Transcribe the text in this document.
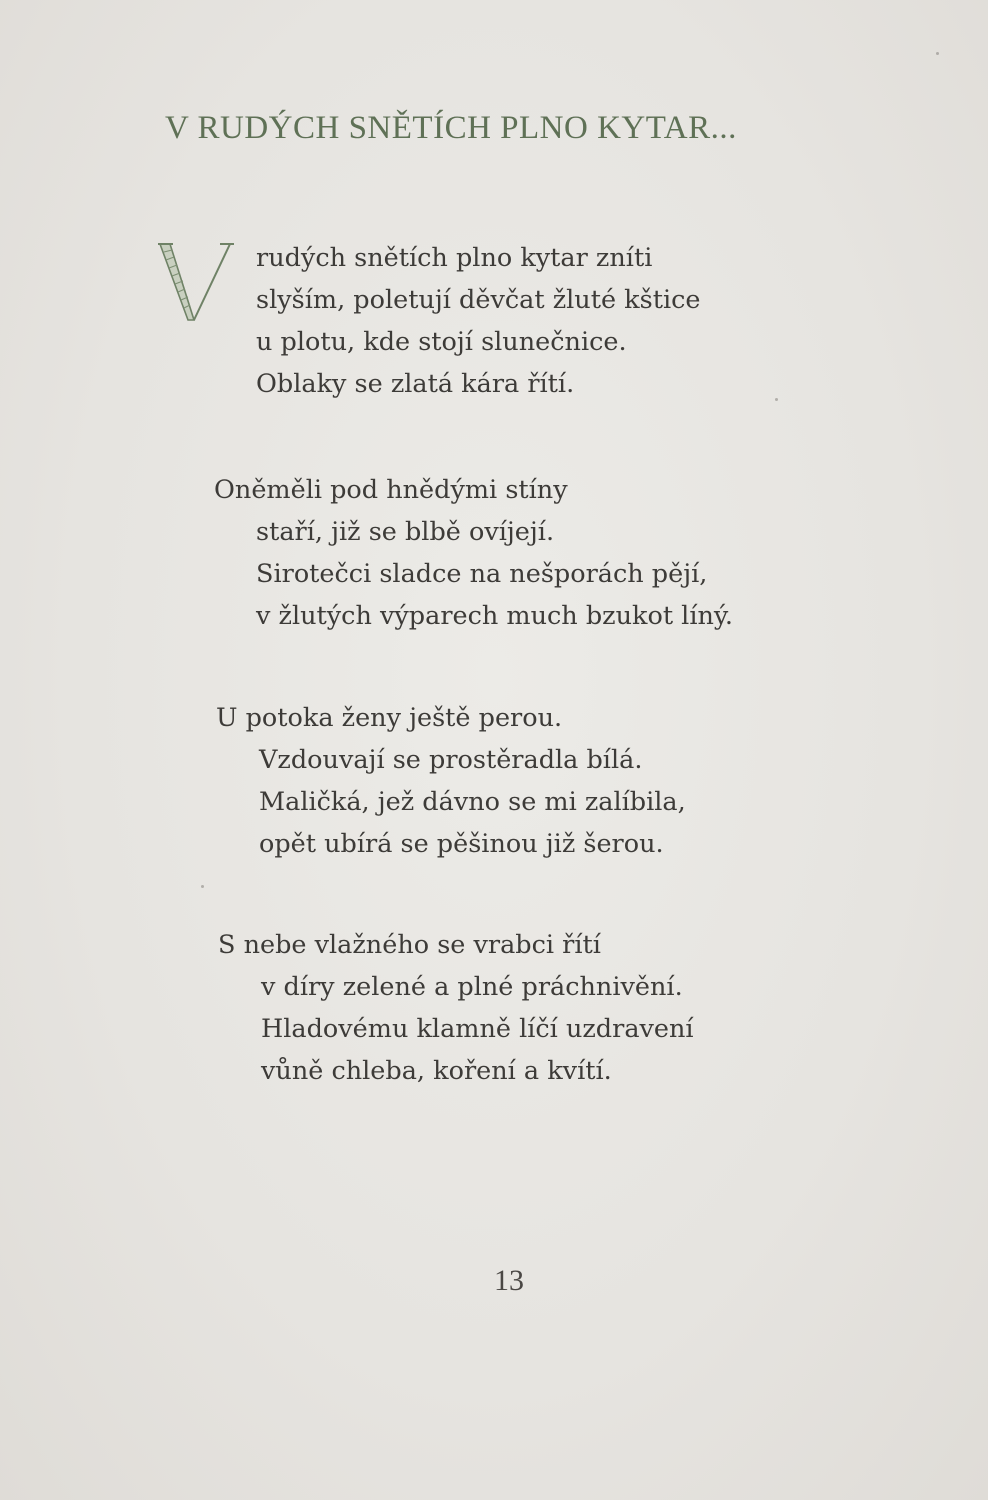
V RUDÝCH SNĚTÍCH PLNO KYTAR...
rudých snětích plno kytar zníti
slyším, poletují děvčat žluté kštice
u plotu, kde stojí slunečnice.
Oblaky se zlatá kára řítí.
Oněměli pod hnědými stíny
staří, již se blbě ovíjejí.
Sirotečci sladce na nešporách pějí,
v žlutých výparech much bzukot líný.
U potoka ženy ještě perou.
Vzdouvají se prostěradla bílá.
Maličká, jež dávno se mi zalíbila,
opět ubírá se pěšinou již šerou.
S nebe vlažného se vrabci řítí
v díry zelené a plné práchnivění.
Hladovému klamně líčí uzdravení
vůně chleba, koření a kvítí.
13
